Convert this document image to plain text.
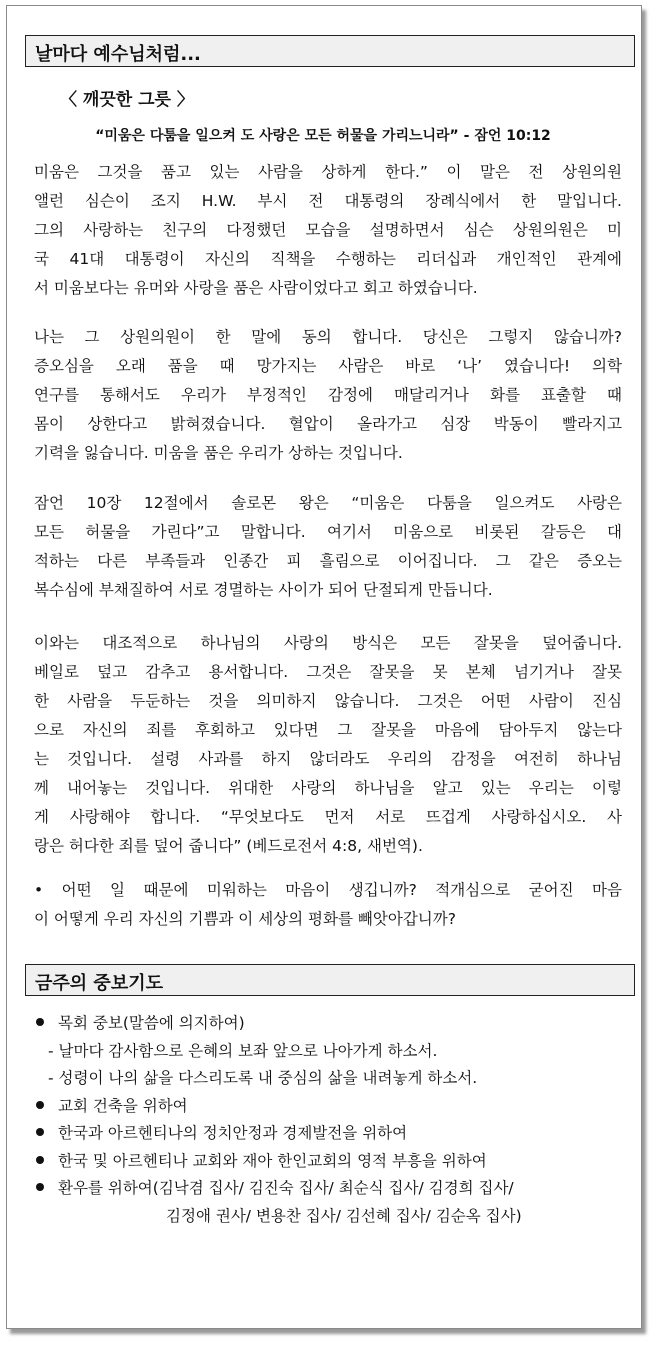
날마다 예수님처럼...
〈 깨끗한 그릇 〉
“미움은 다툼을 일으켜 도 사랑은 모든 허물을 가리느니라” - 잠언 10:12
미움은 그것을 품고 있는 사람을 상하게 한다.” 이 말은 전 상원의원
앨런 심슨이 조지 H.W. 부시 전 대통령의 장례식에서 한 말입니다.
그의 사랑하는 친구의 다정했던 모습을 설명하면서 심슨 상원의원은 미
국 41대 대통령이 자신의 직책을 수행하는 리더십과 개인적인 관계에
서 미움보다는 유머와 사랑을 품은 사람이었다고 회고 하였습니다.
나는 그 상원의원이 한 말에 동의 합니다. 당신은 그렇지 않습니까?
증오심을 오래 품을 때 망가지는 사람은 바로 ‘나’ 였습니다! 의학
연구를 통해서도 우리가 부정적인 감정에 매달리거나 화를 표출할 때
몸이 상한다고 밝혀졌습니다. 혈압이 올라가고 심장 박동이 빨라지고
기력을 잃습니다. 미움을 품은 우리가 상하는 것입니다.
잠언 10장 12절에서 솔로몬 왕은 “미움은 다툼을 일으켜도 사랑은
모든 허물을 가린다”고 말합니다. 여기서 미움으로 비롯된 갈등은 대
적하는 다른 부족들과 인종간 피 흘림으로 이어집니다. 그 같은 증오는
복수심에 부채질하여 서로 경멸하는 사이가 되어 단절되게 만듭니다.
이와는 대조적으로 하나님의 사랑의 방식은 모든 잘못을 덮어줍니다.
베일로 덮고 감추고 용서합니다. 그것은 잘못을 못 본체 넘기거나 잘못
한 사람을 두둔하는 것을 의미하지 않습니다. 그것은 어떤 사람이 진심
으로 자신의 죄를 후회하고 있다면 그 잘못을 마음에 담아두지 않는다
는 것입니다. 설령 사과를 하지 않더라도 우리의 감정을 여전히 하나님
께 내어놓는 것입니다. 위대한 사랑의 하나님을 알고 있는 우리는 이렇
게 사랑해야 합니다. “무엇보다도 먼저 서로 뜨겁게 사랑하십시오. 사
랑은 허다한 죄를 덮어 줍니다” (베드로전서 4:8, 새번역).
• 어떤 일 때문에 미워하는 마음이 생깁니까? 적개심으로 굳어진 마음
이 어떻게 우리 자신의 기쁨과 이 세상의 평화를 빼앗아갑니까?
금주의 중보기도
목회 중보(말씀에 의지하여)
- 날마다 감사함으로 은혜의 보좌 앞으로 나아가게 하소서.
- 성령이 나의 삶을 다스리도록 내 중심의 삶을 내려놓게 하소서.
교회 건축을 위하여
한국과 아르헨티나의 정치안정과 경제발전을 위하여
한국 및 아르헨티나 교회와 재아 한인교회의 영적 부흥을 위하여
환우를 위하여(김낙겸 집사/ 김진숙 집사/ 최순식 집사/ 김경희 집사/
김정애 권사/ 변용찬 집사/ 김선혜 집사/ 김순옥 집사)
